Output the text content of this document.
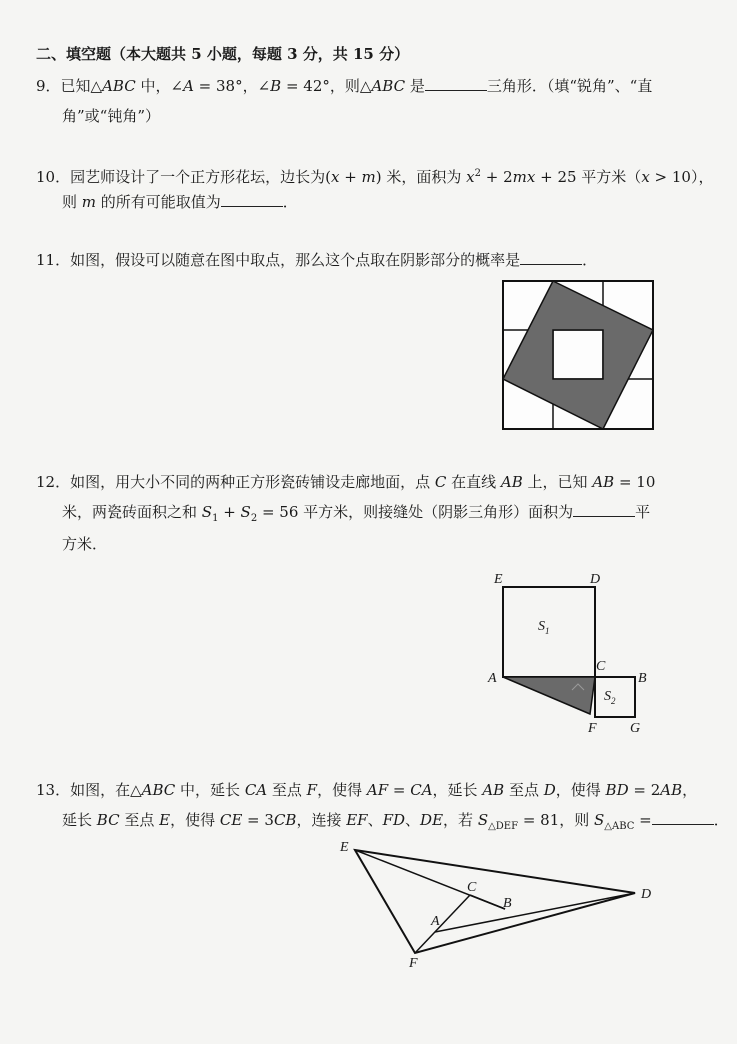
二、填空题（本大题共 5 小题，每题 3 分，共 15 分）
9．已知△ABC 中，∠A = 38°，∠B = 42°，则△ABC 是	三角形．（填“锐角”、“直
角”或“钝角”）
10．园艺师设计了一个正方形花坛，边长为(x + m) 米，面积为 $x^2 + 2mx + 25$ 平方米（x > 10），
则 m 的所有可能取值为	．
11．如图，假设可以随意在图中取点，那么这个点取在阴影部分的概率是	．
12．如图，用大小不同的两种正方形瓷砖铺设走廊地面，点 C 在直线 AB 上，已知 AB = 10
米，两瓷砖面积之和 $S_1 + S_2 = 56$ 平方米，则接缝处（阴影三角形）面积为	平
方米．
E	D
A
C
B
F G
$S_1$
$S_2$
13．如图，在△ABC 中，延长 CA 至点 F，使得 AF = CA，延长 AB 至点 D，使得 BD = 2AB，
延长 BC 至点 E，使得 CE = 3CB，连接 EF、FD、DE，若 $S_{\triangle DEF} = 81$，则 $S_{\triangle ABC}$ =	．
E
C
B
A
D
F
